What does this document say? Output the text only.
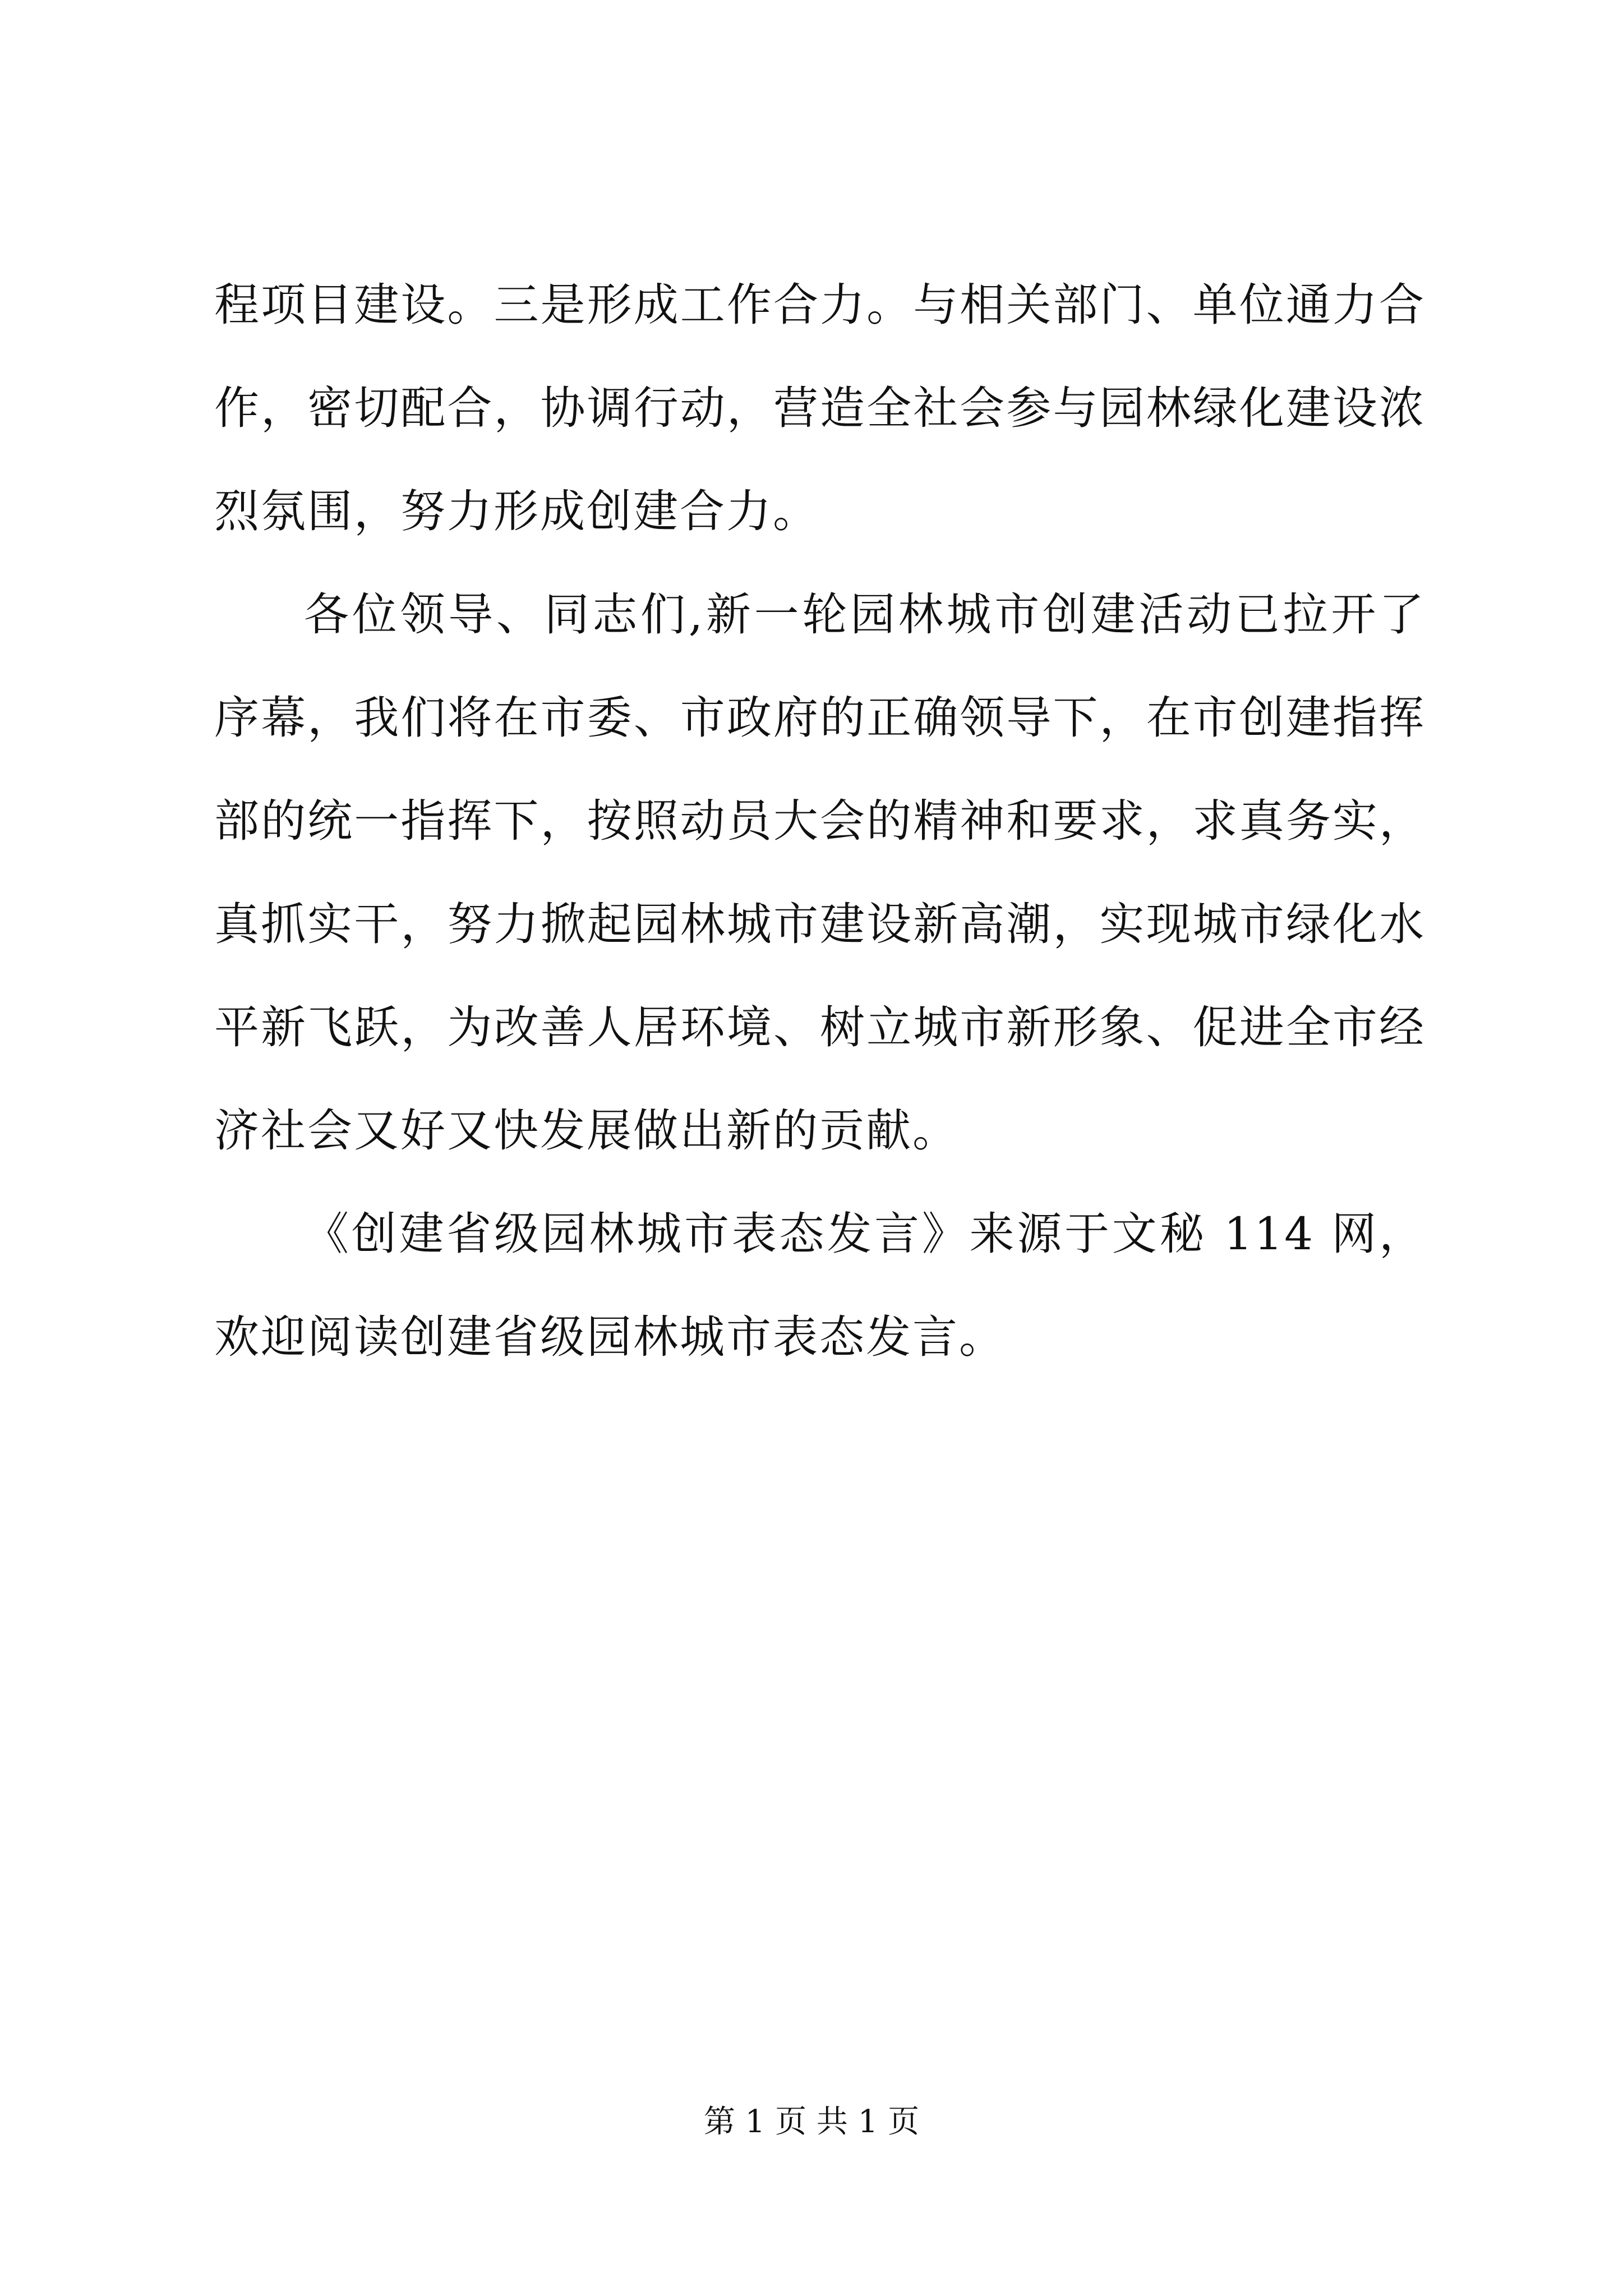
程项目建设。三是形成工作合力。与相关部门、单位通力合作，密切配合，协调行动，营造全社会参与园林绿化建设浓烈氛围，努力形成创建合力。

各位领导、同志们,新一轮园林城市创建活动已拉开了序幕，我们将在市委、市政府的正确领导下，在市创建指挥部的统一指挥下，按照动员大会的精神和要求，求真务实，真抓实干，努力掀起园林城市建设新高潮，实现城市绿化水平新飞跃，为改善人居环境、树立城市新形象、促进全市经济社会又好又快发展做出新的贡献。

《创建省级园林城市表态发言》来源于文秘 114 网，欢迎阅读创建省级园林城市表态发言。

第 1 页 共 1 页
